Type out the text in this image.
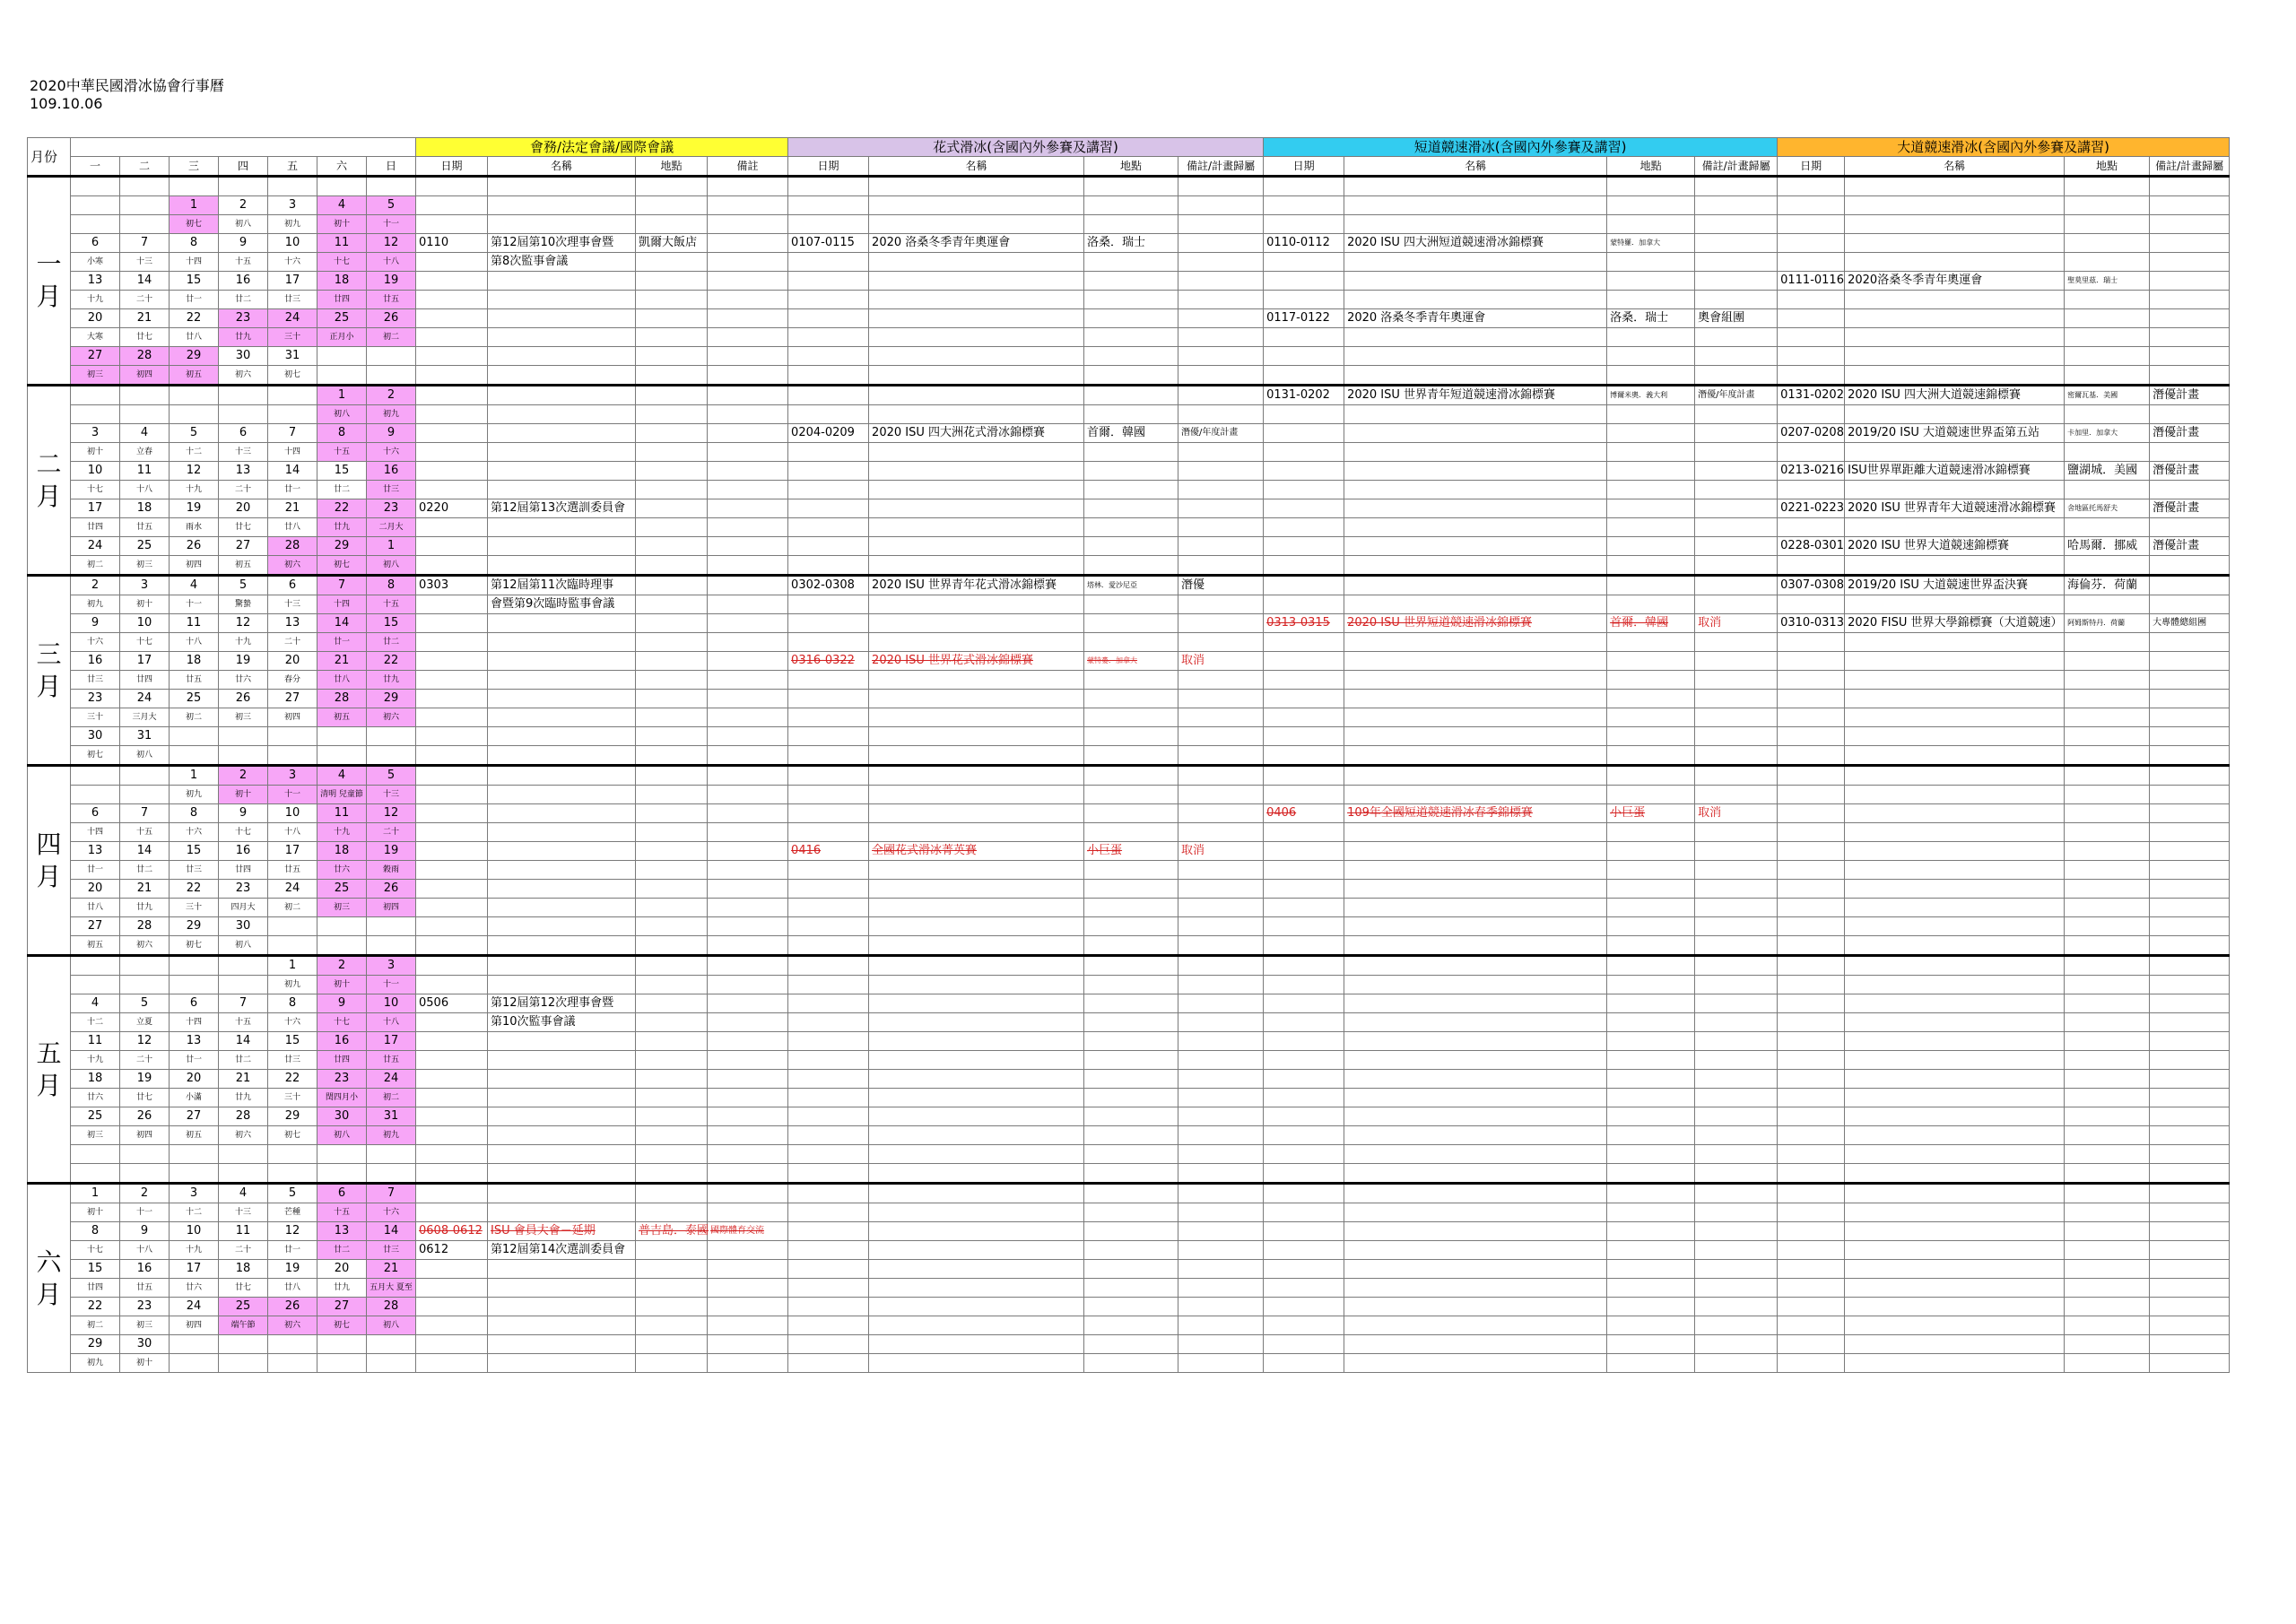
2020中華民國滑冰協會行事曆
109.10.06
月份								會務/法定會議/國際會議				花式滑冰(含國內外參賽及講習)				短道競速滑冰(含國內外參賽及講習)				大道競速滑冰(含國內外參賽及講習)			
	一	二	三	四	五	六	日	日期	名稱	地點	備註	日期	名稱	地點	備註/計畫歸屬	日期	名稱	地點	備註/計畫歸屬	日期	名稱	地點	備註/計畫歸屬
一月																							
			1	2	3	4	5																
			初七	初八	初九	初十	十一																
	6	7	8	9	10	11	12	0110	第12屆第10次理事會暨	凱爾大飯店		0107-0115	2020 洛桑冬季青年奧運會	洛桑．瑞士		0110-0112	2020 ISU 四大洲短道競速滑冰錦標賽	蒙特羅．加拿大					
	小寒	十三	十四	十五	十六	十七	十八		第8次監事會議														
	13	14	15	16	17	18	19													0111-0116	2020洛桑冬季青年奧運會	聖莫里茲．瑞士	
	十九	二十	廿一	廿二	廿三	廿四	廿五																
	20	21	22	23	24	25	26									0117-0122	2020 洛桑冬季青年奧運會	洛桑．瑞士	奧會組團				
	大寒	廿七	廿八	廿九	三十	正月小	初二																
	27	28	29	30	31																		
	初三	初四	初五	初六	初七																		
二月						1	2									0131-0202	2020 ISU 世界青年短道競速滑冰錦標賽	博爾米奧．義大利	潛優/年度計畫	0131-0202	2020 ISU 四大洲大道競速錦標賽	密爾瓦基．美國	潛優計畫
						初八	初九																
	3	4	5	6	7	8	9					0204-0209	2020 ISU 四大洲花式滑冰錦標賽	首爾．韓國	潛優/年度計畫					0207-0208	2019/20 ISU 大道競速世界盃第五站	卡加里．加拿大	潛優計畫
	初十	立春	十二	十三	十四	十五	十六																
	10	11	12	13	14	15	16													0213-0216	ISU世界單距離大道競速滑冰錦標賽	鹽湖城．美國	潛優計畫
	十七	十八	十九	二十	廿一	廿二	廿三																
	17	18	19	20	21	22	23	0220	第12屆第13次選訓委員會											0221-0223	2020 ISU 世界青年大道競速滑冰錦標賽	舍地區托馬舒夫	潛優計畫
	廿四	廿五	雨水	廿七	廿八	廿九	二月大																
	24	25	26	27	28	29	1													0228-0301	2020 ISU 世界大道競速錦標賽	哈馬爾．挪威	潛優計畫
	初二	初三	初四	初五	初六	初七	初八																
三月	2	3	4	5	6	7	8	0303	第12屆第11次臨時理事			0302-0308	2020 ISU 世界青年花式滑冰錦標賽	塔林．愛沙尼亞	潛優					0307-0308	2019/20 ISU 大道競速世界盃決賽	海倫芬．荷蘭	
	初九	初十	十一	驚蟄	十三	十四	十五		會暨第9次臨時監事會議														
	9	10	11	12	13	14	15									0313-0315	2020 ISU 世界短道競速滑冰錦標賽	首爾．韓國	取消	0310-0313	2020 FISU 世界大學錦標賽（大道競速）	阿姆斯特丹．荷蘭	大專體總組團
	十六	十七	十八	十九	二十	廿一	廿二																
	16	17	18	19	20	21	22					0316-0322	2020 ISU 世界花式滑冰錦標賽	蒙特婁．加拿大	取消								
	廿三	廿四	廿五	廿六	春分	廿八	廿九																
	23	24	25	26	27	28	29																
	三十	三月大	初二	初三	初四	初五	初六																
	30	31																					
	初七	初八																					
四月			1	2	3	4	5																
			初九	初十	十一	清明 兒童節	十三																
	6	7	8	9	10	11	12									0406	109年全國短道競速滑冰春季錦標賽	小巨蛋	取消				
	十四	十五	十六	十七	十八	十九	二十																
	13	14	15	16	17	18	19					0416	全國花式滑冰菁英賽	小巨蛋	取消								
	廿一	廿二	廿三	廿四	廿五	廿六	穀雨																
	20	21	22	23	24	25	26																
	廿八	廿九	三十	四月大	初二	初三	初四																
	27	28	29	30																			
	初五	初六	初七	初八																			
五月					1	2	3																
					初九	初十	十一																
	4	5	6	7	8	9	10	0506	第12屆第12次理事會暨														
	十二	立夏	十四	十五	十六	十七	十八		第10次監事會議														
	11	12	13	14	15	16	17																
	十九	二十	廿一	廿二	廿三	廿四	廿五																
	18	19	20	21	22	23	24																
	廿六	廿七	小滿	廿九	三十	閏四月小	初二																
	25	26	27	28	29	30	31																
	初三	初四	初五	初六	初七	初八	初九																

六月	1	2	3	4	5	6	7																
	初十	十一	十二	十三	芒種	十五	十六																
	8	9	10	11	12	13	14	0608-0612	ISU 會員大會－延期	普吉島．泰國	國際體育交流												
	十七	十八	十九	二十	廿一	廿二	廿三	0612	第12屆第14次選訓委員會														
	15	16	17	18	19	20	21																
	廿四	廿五	廿六	廿七	廿八	廿九	五月大 夏至																
	22	23	24	25	26	27	28																
	初二	初三	初四	端午節	初六	初七	初八																
	29	30																					
	初九	初十																					
